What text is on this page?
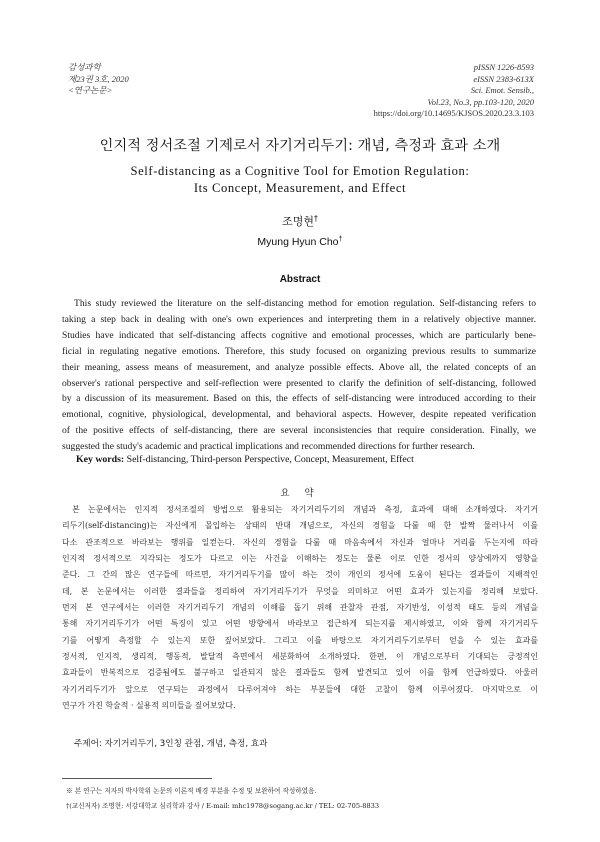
감성과학
제23권 3호, 2020
<연구논문>
pISSN 1226-8593
eISSN 2383-613X
Sci. Emot. Sensib.,
Vol.23, No.3, pp.103-120, 2020
https://doi.org/10.14695/KJSOS.2020.23.3.103
인지적 정서조절 기제로서 자기거리두기: 개념, 측정과 효과 소개
Self-distancing as a Cognitive Tool for Emotion Regulation:
Its Concept, Measurement, and Effect
조명현†
Myung Hyun Cho†
Abstract
This study reviewed the literature on the self-distancing method for emotion regulation. Self-distancing refers to
taking a step back in dealing with one's own experiences and interpreting them in a relatively objective manner.
Studies have indicated that self-distancing affects cognitive and emotional processes, which are particularly bene-
ficial in regulating negative emotions. Therefore, this study focused on organizing previous results to summarize
their meaning, assess means of measurement, and analyze possible effects. Above all, the related concepts of an
observer's rational perspective and self-reflection were presented to clarify the definition of self-distancing, followed
by a discussion of its measurement. Based on this, the effects of self-distancing were introduced according to their
emotional, cognitive, physiological, developmental, and behavioral aspects. However, despite repeated verification
of the positive effects of self-distancing, there are several inconsistencies that require consideration. Finally, we
suggested the study's academic and practical implications and recommended directions for further research.
Key words: Self-distancing, Third-person Perspective, Concept, Measurement, Effect
요 약
본 논문에서는 인지적 정서조절의 방법으로 활용되는 자기거리두기의 개념과 측정, 효과에 대해 소개하였다. 자기거
리두기(self-distancing)는 자신에게 몰입하는 상태의 반대 개념으로, 자신의 경험을 다룰 때 한 발짝 물러나서 이를
다소 관조적으로 바라보는 행위를 일컫는다. 자신의 경험을 다룰 때 마음속에서 자신과 얼마나 거리를 두는지에 따라
인지적 정서적으로 지각되는 정도가 다르고 이는 사건을 이해하는 정도는 물론 이로 인한 정서의 양상에까지 영향을
준다. 그 간의 많은 연구들에 따르면, 자기거리두기를 많이 하는 것이 개인의 정서에 도움이 된다는 결과들이 지배적인
데, 본 논문에서는 이러한 결과들을 정리하여 자기거리두기가 무엇을 의미하고 어떤 효과가 있는지를 정리해 보았다.
먼저 본 연구에서는 이러한 자기거리두기 개념의 이해를 돕기 위해 관찰자 관점, 자기반성, 이성적 태도 등의 개념을
통해 자기거리두기가 어떤 특징이 있고 어떤 방향에서 바라보고 접근하게 되는지를 제시하였고, 이와 함께 자기거리두
기를 어떻게 측정할 수 있는지 또한 짚어보았다. 그리고 이를 바탕으로 자기거리두기로부터 얻을 수 있는 효과를
정서적, 인지적, 생리적, 행동적, 발달적 측면에서 세분화하여 소개하였다. 한편, 이 개념으로부터 기대되는 긍정적인
효과들이 반복적으로 검증됨에도 불구하고 일관되지 않은 결과들도 함께 발견되고 있어 이를 함께 언급하였다. 아울러
자기거리두기가 앞으로 연구되는 과정에서 다루어져야 하는 부분들에 대한 고찰이 함께 이루어졌다. 마지막으로 이
연구가 가진 학술적 · 실용적 의미들을 짚어보았다.
주제어: 자기거리두기, 3인칭 관점, 개념, 측정, 효과
※ 본 연구는 저자의 박사학위 논문의 이론적 배경 부분을 수정 및 보완하여 작성하였음.
†(교신저자) 조명현: 서강대학교 심리학과 강사 / E-mail: mhc1978@sogang.ac.kr / TEL: 02-705-8833
